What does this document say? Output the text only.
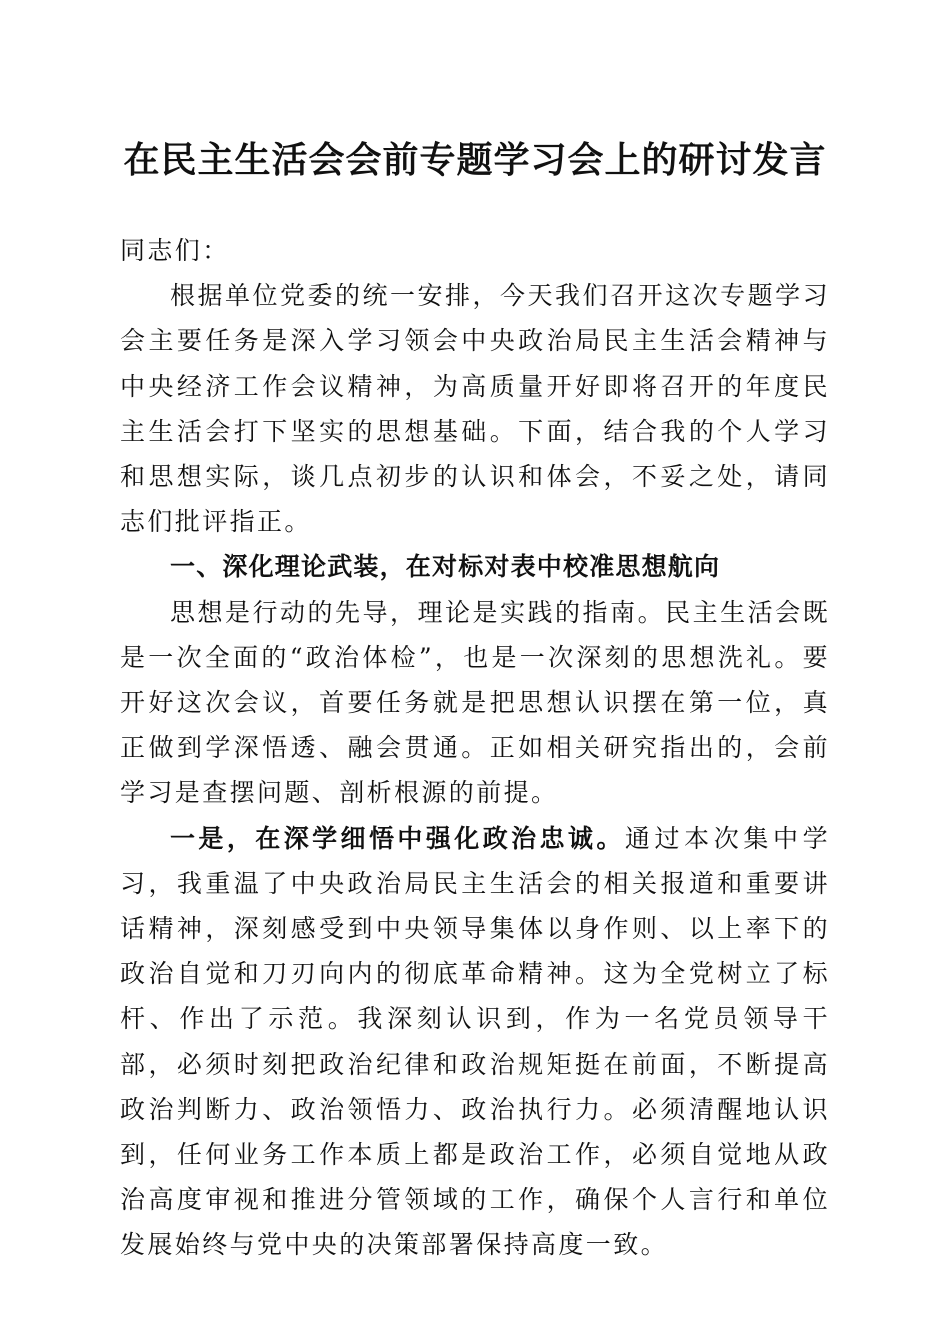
在民主生活会会前专题学习会上的研讨发言

同志们：

根据单位党委的统一安排，今天我们召开这次专题学习会主要任务是深入学习领会中央政治局民主生活会精神与中央经济工作会议精神，为高质量开好即将召开的年度民主生活会打下坚实的思想基础。下面，结合我的个人学习和思想实际，谈几点初步的认识和体会，不妥之处，请同志们批评指正。

一、深化理论武装，在对标对表中校准思想航向

思想是行动的先导，理论是实践的指南。民主生活会既是一次全面的“政治体检”，也是一次深刻的思想洗礼。要开好这次会议，首要任务就是把思想认识摆在第一位，真正做到学深悟透、融会贯通。正如相关研究指出的，会前学习是查摆问题、剖析根源的前提。

一是，在深学细悟中强化政治忠诚。通过本次集中学习，我重温了中央政治局民主生活会的相关报道和重要讲话精神，深刻感受到中央领导集体以身作则、以上率下的政治自觉和刀刃向内的彻底革命精神。这为全党树立了标杆、作出了示范。我深刻认识到，作为一名党员领导干部，必须时刻把政治纪律和政治规矩挺在前面，不断提高政治判断力、政治领悟力、政治执行力。必须清醒地认识到，任何业务工作本质上都是政治工作，必须自觉地从政治高度审视和推进分管领域的工作，确保个人言行和单位发展始终与党中央的决策部署保持高度一致。
